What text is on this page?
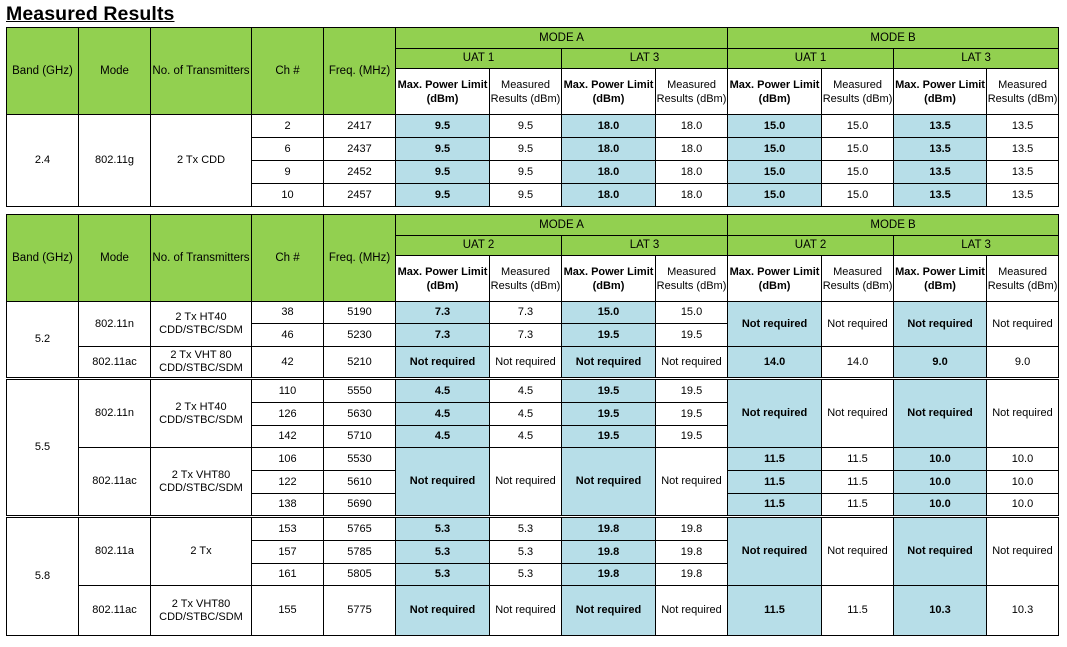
Measured Results
Band (GHz)	Mode	No. of Transmitters	Ch #	Freq. (MHz)	MODE A				MODE B			
					UAT 1		LAT 3		UAT 1		LAT 3	
					Max. Power Limit (dBm)	Measured Results (dBm)	Max. Power Limit (dBm)	Measured Results (dBm)	Max. Power Limit (dBm)	Measured Results (dBm)	Max. Power Limit (dBm)	Measured Results (dBm)
2.4	802.11g	2 Tx CDD	2	2417	9.5	9.5	18.0	18.0	15.0	15.0	13.5	13.5
			6	2437	9.5	9.5	18.0	18.0	15.0	15.0	13.5	13.5
			9	2452	9.5	9.5	18.0	18.0	15.0	15.0	13.5	13.5
			10	2457	9.5	9.5	18.0	18.0	15.0	15.0	13.5	13.5
Band (GHz)	Mode	No. of Transmitters	Ch #	Freq. (MHz)	MODE A				MODE B			
					UAT 2		LAT 3		UAT 2		LAT 3	
					Max. Power Limit (dBm)	Measured Results (dBm)	Max. Power Limit (dBm)	Measured Results (dBm)	Max. Power Limit (dBm)	Measured Results (dBm)	Max. Power Limit (dBm)	Measured Results (dBm)
5.2	802.11n	2 Tx HT40 CDD/STBC/SDM	38	5190	7.3	7.3	15.0	15.0	Not required	Not required	Not required	Not required
			46	5230	7.3	7.3	19.5	19.5				
	802.11ac	2 Tx VHT 80 CDD/STBC/SDM	42	5210	Not required	Not required	Not required	Not required	14.0	14.0	9.0	9.0
5.5	802.11n	2 Tx HT40 CDD/STBC/SDM	110	5550	4.5	4.5	19.5	19.5	Not required	Not required	Not required	Not required
			126	5630	4.5	4.5	19.5	19.5				
			142	5710	4.5	4.5	19.5	19.5				
	802.11ac	2 Tx VHT80 CDD/STBC/SDM	106	5530	Not required	Not required	Not required	Not required	11.5	11.5	10.0	10.0
			122	5610					11.5	11.5	10.0	10.0
			138	5690					11.5	11.5	10.0	10.0
5.8	802.11a	2 Tx	153	5765	5.3	5.3	19.8	19.8	Not required	Not required	Not required	Not required
			157	5785	5.3	5.3	19.8	19.8				
			161	5805	5.3	5.3	19.8	19.8				
	802.11ac	2 Tx VHT80 CDD/STBC/SDM	155	5775	Not required	Not required	Not required	Not required	11.5	11.5	10.3	10.3
